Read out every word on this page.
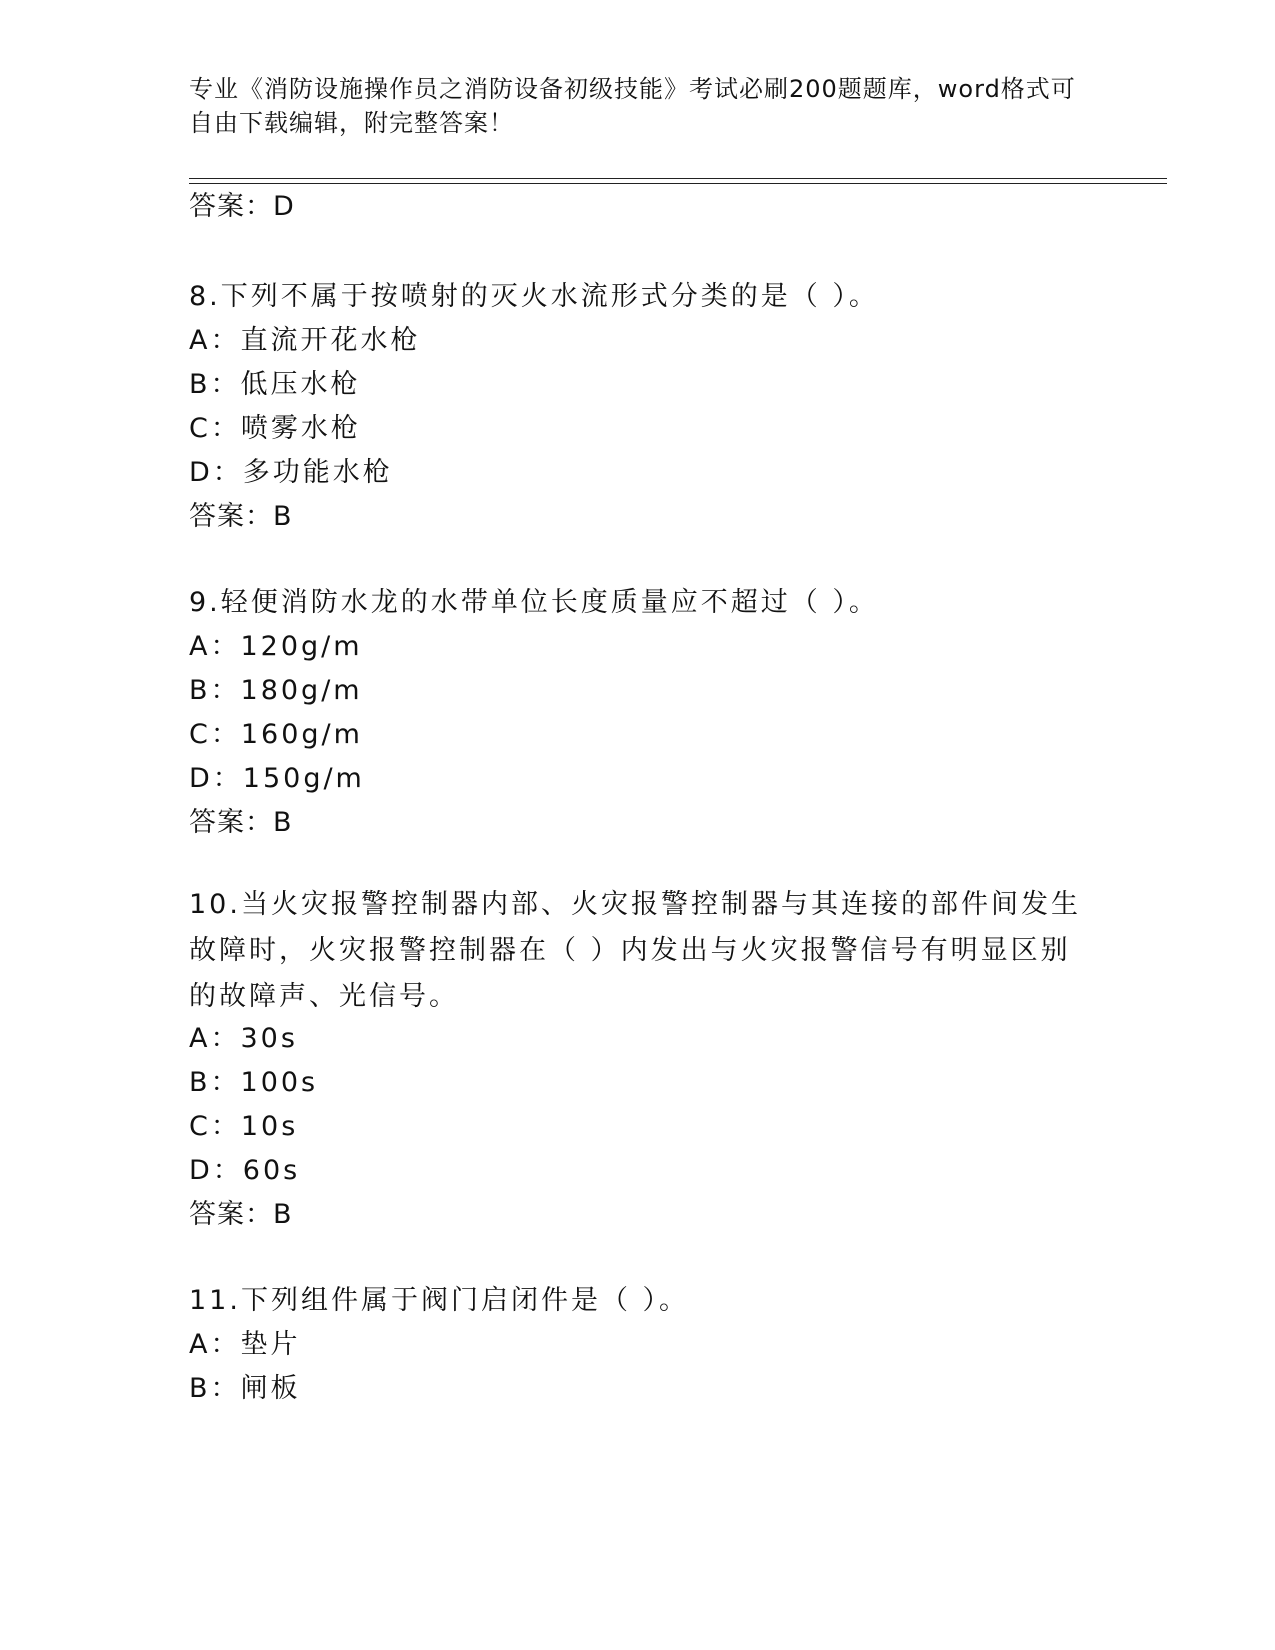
专业《消防设施操作员之消防设备初级技能》考试必刷200题题库，word格式可自由下载编辑，附完整答案！
答案：D
8.下列不属于按喷射的灭火水流形式分类的是（ ）。
A：直流开花水枪
B：低压水枪
C：喷雾水枪
D：多功能水枪
答案：B
9.轻便消防水龙的水带单位长度质量应不超过（ ）。
A：120g/m
B：180g/m
C：160g/m
D：150g/m
答案：B
10.当火灾报警控制器内部、火灾报警控制器与其连接的部件间发生故障时，火灾报警控制器在（ ）内发出与火灾报警信号有明显区别的故障声、光信号。
A：30s
B：100s
C：10s
D：60s
答案：B
11.下列组件属于阀门启闭件是（ ）。
A：垫片
B：闸板
